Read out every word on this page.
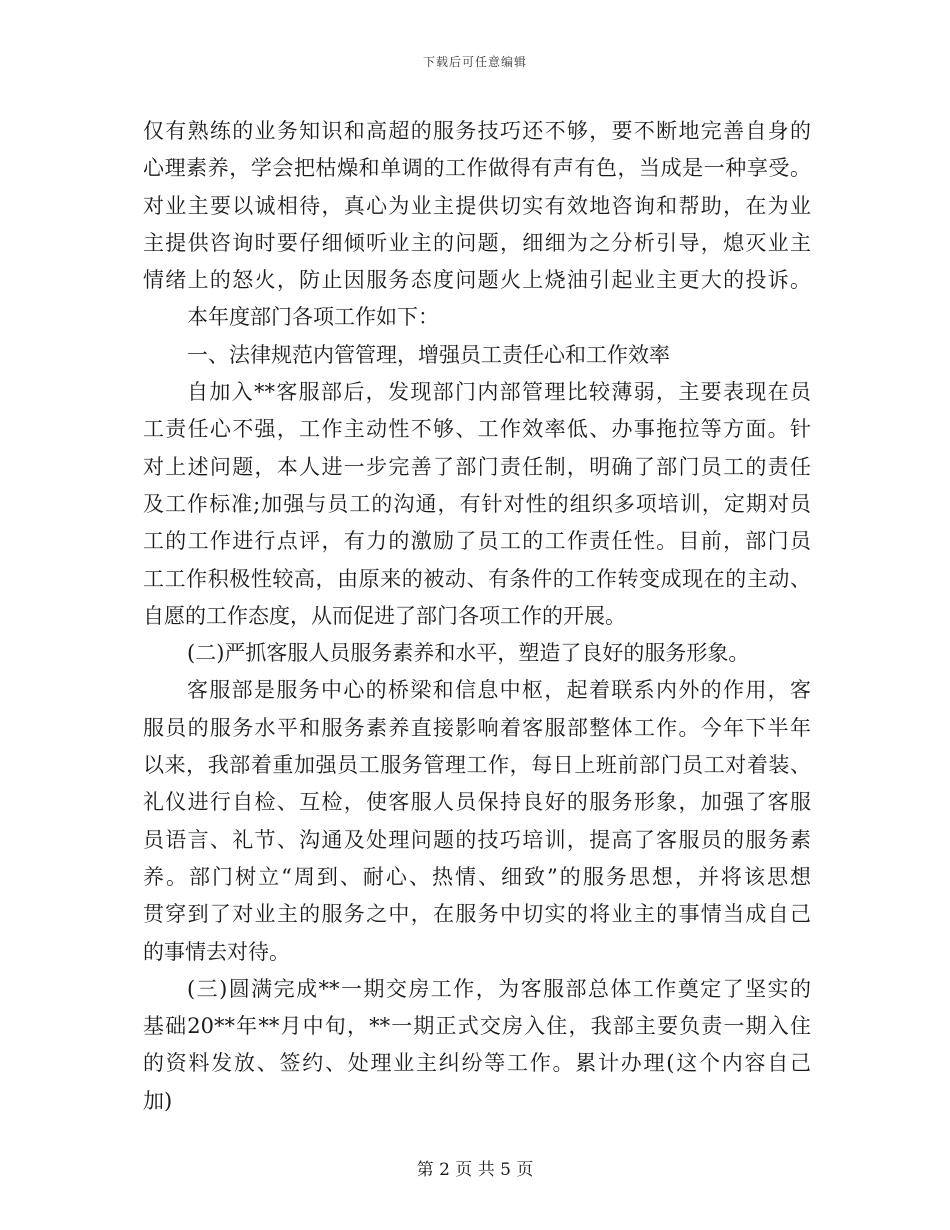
下载后可任意编辑
仅有熟练的业务知识和高超的服务技巧还不够，要不断地完善自身的
心理素养，学会把枯燥和单调的工作做得有声有色，当成是一种享受。
对业主要以诚相待，真心为业主提供切实有效地咨询和帮助，在为业
主提供咨询时要仔细倾听业主的问题，细细为之分析引导，熄灭业主
情绪上的怒火，防止因服务态度问题火上烧油引起业主更大的投诉。
本年度部门各项工作如下：
一、法律规范内管管理，增强员工责任心和工作效率
自加入**客服部后，发现部门内部管理比较薄弱，主要表现在员
工责任心不强，工作主动性不够、工作效率低、办事拖拉等方面。针
对上述问题，本人进一步完善了部门责任制，明确了部门员工的责任
及工作标准;加强与员工的沟通，有针对性的组织多项培训，定期对员
工的工作进行点评，有力的激励了员工的工作责任性。目前，部门员
工工作积极性较高，由原来的被动、有条件的工作转变成现在的主动、
自愿的工作态度，从而促进了部门各项工作的开展。
(二)严抓客服人员服务素养和水平，塑造了良好的服务形象。
客服部是服务中心的桥梁和信息中枢，起着联系内外的作用，客
服员的服务水平和服务素养直接影响着客服部整体工作。今年下半年
以来，我部着重加强员工服务管理工作，每日上班前部门员工对着装、
礼仪进行自检、互检，使客服人员保持良好的服务形象，加强了客服
员语言、礼节、沟通及处理问题的技巧培训，提高了客服员的服务素
养。部门树立“周到、耐心、热情、细致”的服务思想，并将该思想
贯穿到了对业主的服务之中，在服务中切实的将业主的事情当成自己
的事情去对待。
(三)圆满完成**一期交房工作，为客服部总体工作奠定了坚实的
基础20**年**月中旬，**一期正式交房入住，我部主要负责一期入住
的资料发放、签约、处理业主纠纷等工作。累计办理(这个内容自己
加)
第 2 页 共 5 页
